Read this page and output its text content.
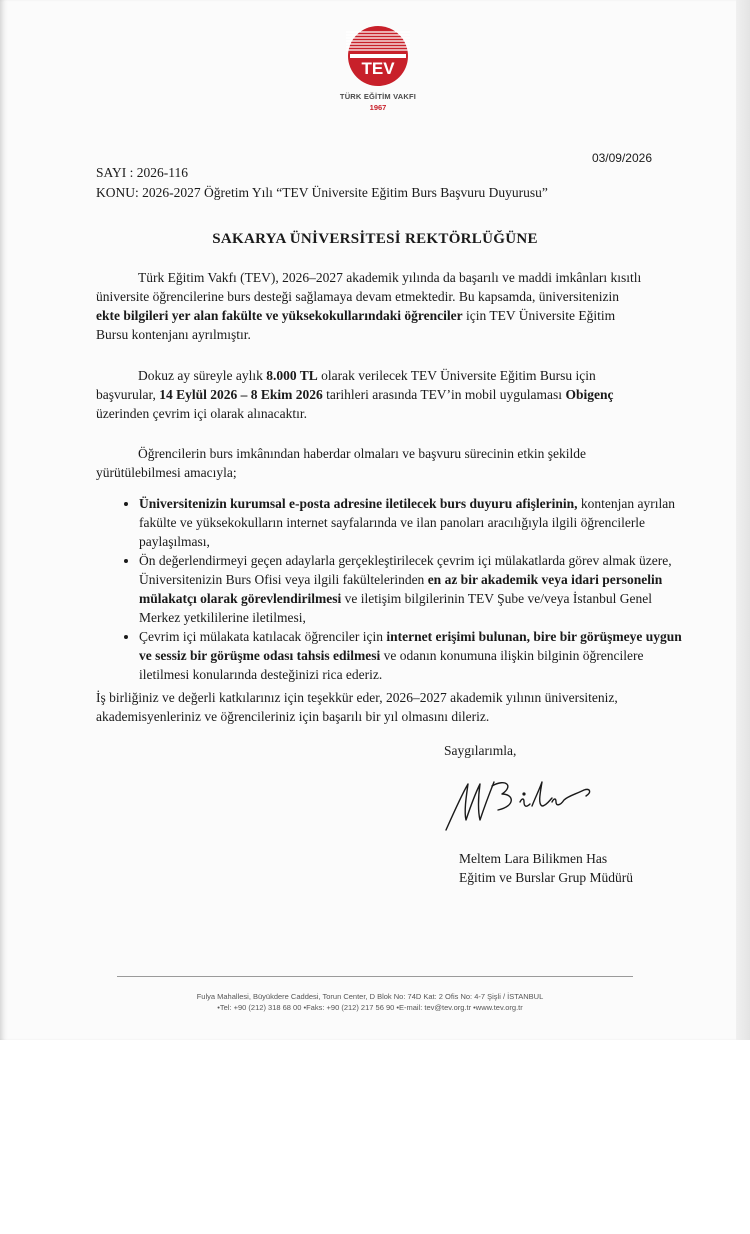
TEV
TÜRK EĞİTİM VAKFI
1967
03/09/2026
SAYI : 2026-116
KONU: 2026-2027 Öğretim Yılı “TEV Üniversite Eğitim Burs Başvuru Duyurusu”
SAKARYA ÜNİVERSİTESİ REKTÖRLÜĞÜNE
Türk Eğitim Vakfı (TEV), 2026–2027 akademik yılında da başarılı ve maddi imkânları kısıtlı üniversite öğrencilerine burs desteği sağlamaya devam etmektedir. Bu kapsamda, üniversitenizin ekte bilgileri yer alan fakülte ve yüksekokullarındaki öğrenciler için TEV Üniversite Eğitim Bursu kontenjanı ayrılmıştır.
Dokuz ay süreyle aylık 8.000 TL olarak verilecek TEV Üniversite Eğitim Bursu için başvurular, 14 Eylül 2026 – 8 Ekim 2026 tarihleri arasında TEV’in mobil uygulaması Obigenç üzerinden çevrim içi olarak alınacaktır.
Öğrencilerin burs imkânından haberdar olmaları ve başvuru sürecinin etkin şekilde yürütülebilmesi amacıyla;
• Üniversitenizin kurumsal e-posta adresine iletilecek burs duyuru afişlerinin, kontenjan ayrılan fakülte ve yüksekokulların internet sayfalarında ve ilan panoları aracılığıyla ilgili öğrencilerle paylaşılması,
• Ön değerlendirmeyi geçen adaylarla gerçekleştirilecek çevrim içi mülakatlarda görev almak üzere, Üniversitenizin Burs Ofisi veya ilgili fakültelerinden en az bir akademik veya idari personelin mülakatçı olarak görevlendirilmesi ve iletişim bilgilerinin TEV Şube ve/veya İstanbul Genel Merkez yetkililerine iletilmesi,
• Çevrim içi mülakata katılacak öğrenciler için internet erişimi bulunan, bire bir görüşmeye uygun ve sessiz bir görüşme odası tahsis edilmesi ve odanın konumuna ilişkin bilginin öğrencilere iletilmesi konularında desteğinizi rica ederiz.
İş birliğiniz ve değerli katkılarınız için teşekkür eder, 2026–2027 akademik yılının üniversiteniz, akademisyenleriniz ve öğrencileriniz için başarılı bir yıl olmasını dileriz.
Saygılarımla,
Meltem Lara Bilikmen Has
Eğitim ve Burslar Grup Müdürü
Fulya Mahallesi, Büyükdere Caddesi, Torun Center, D Blok No: 74D Kat: 2 Ofis No: 4-7 Şişli / İSTANBUL
•Tel: +90 (212) 318 68 00 •Faks: +90 (212) 217 56 90 •E-mail: tev@tev.org.tr •www.tev.org.tr
